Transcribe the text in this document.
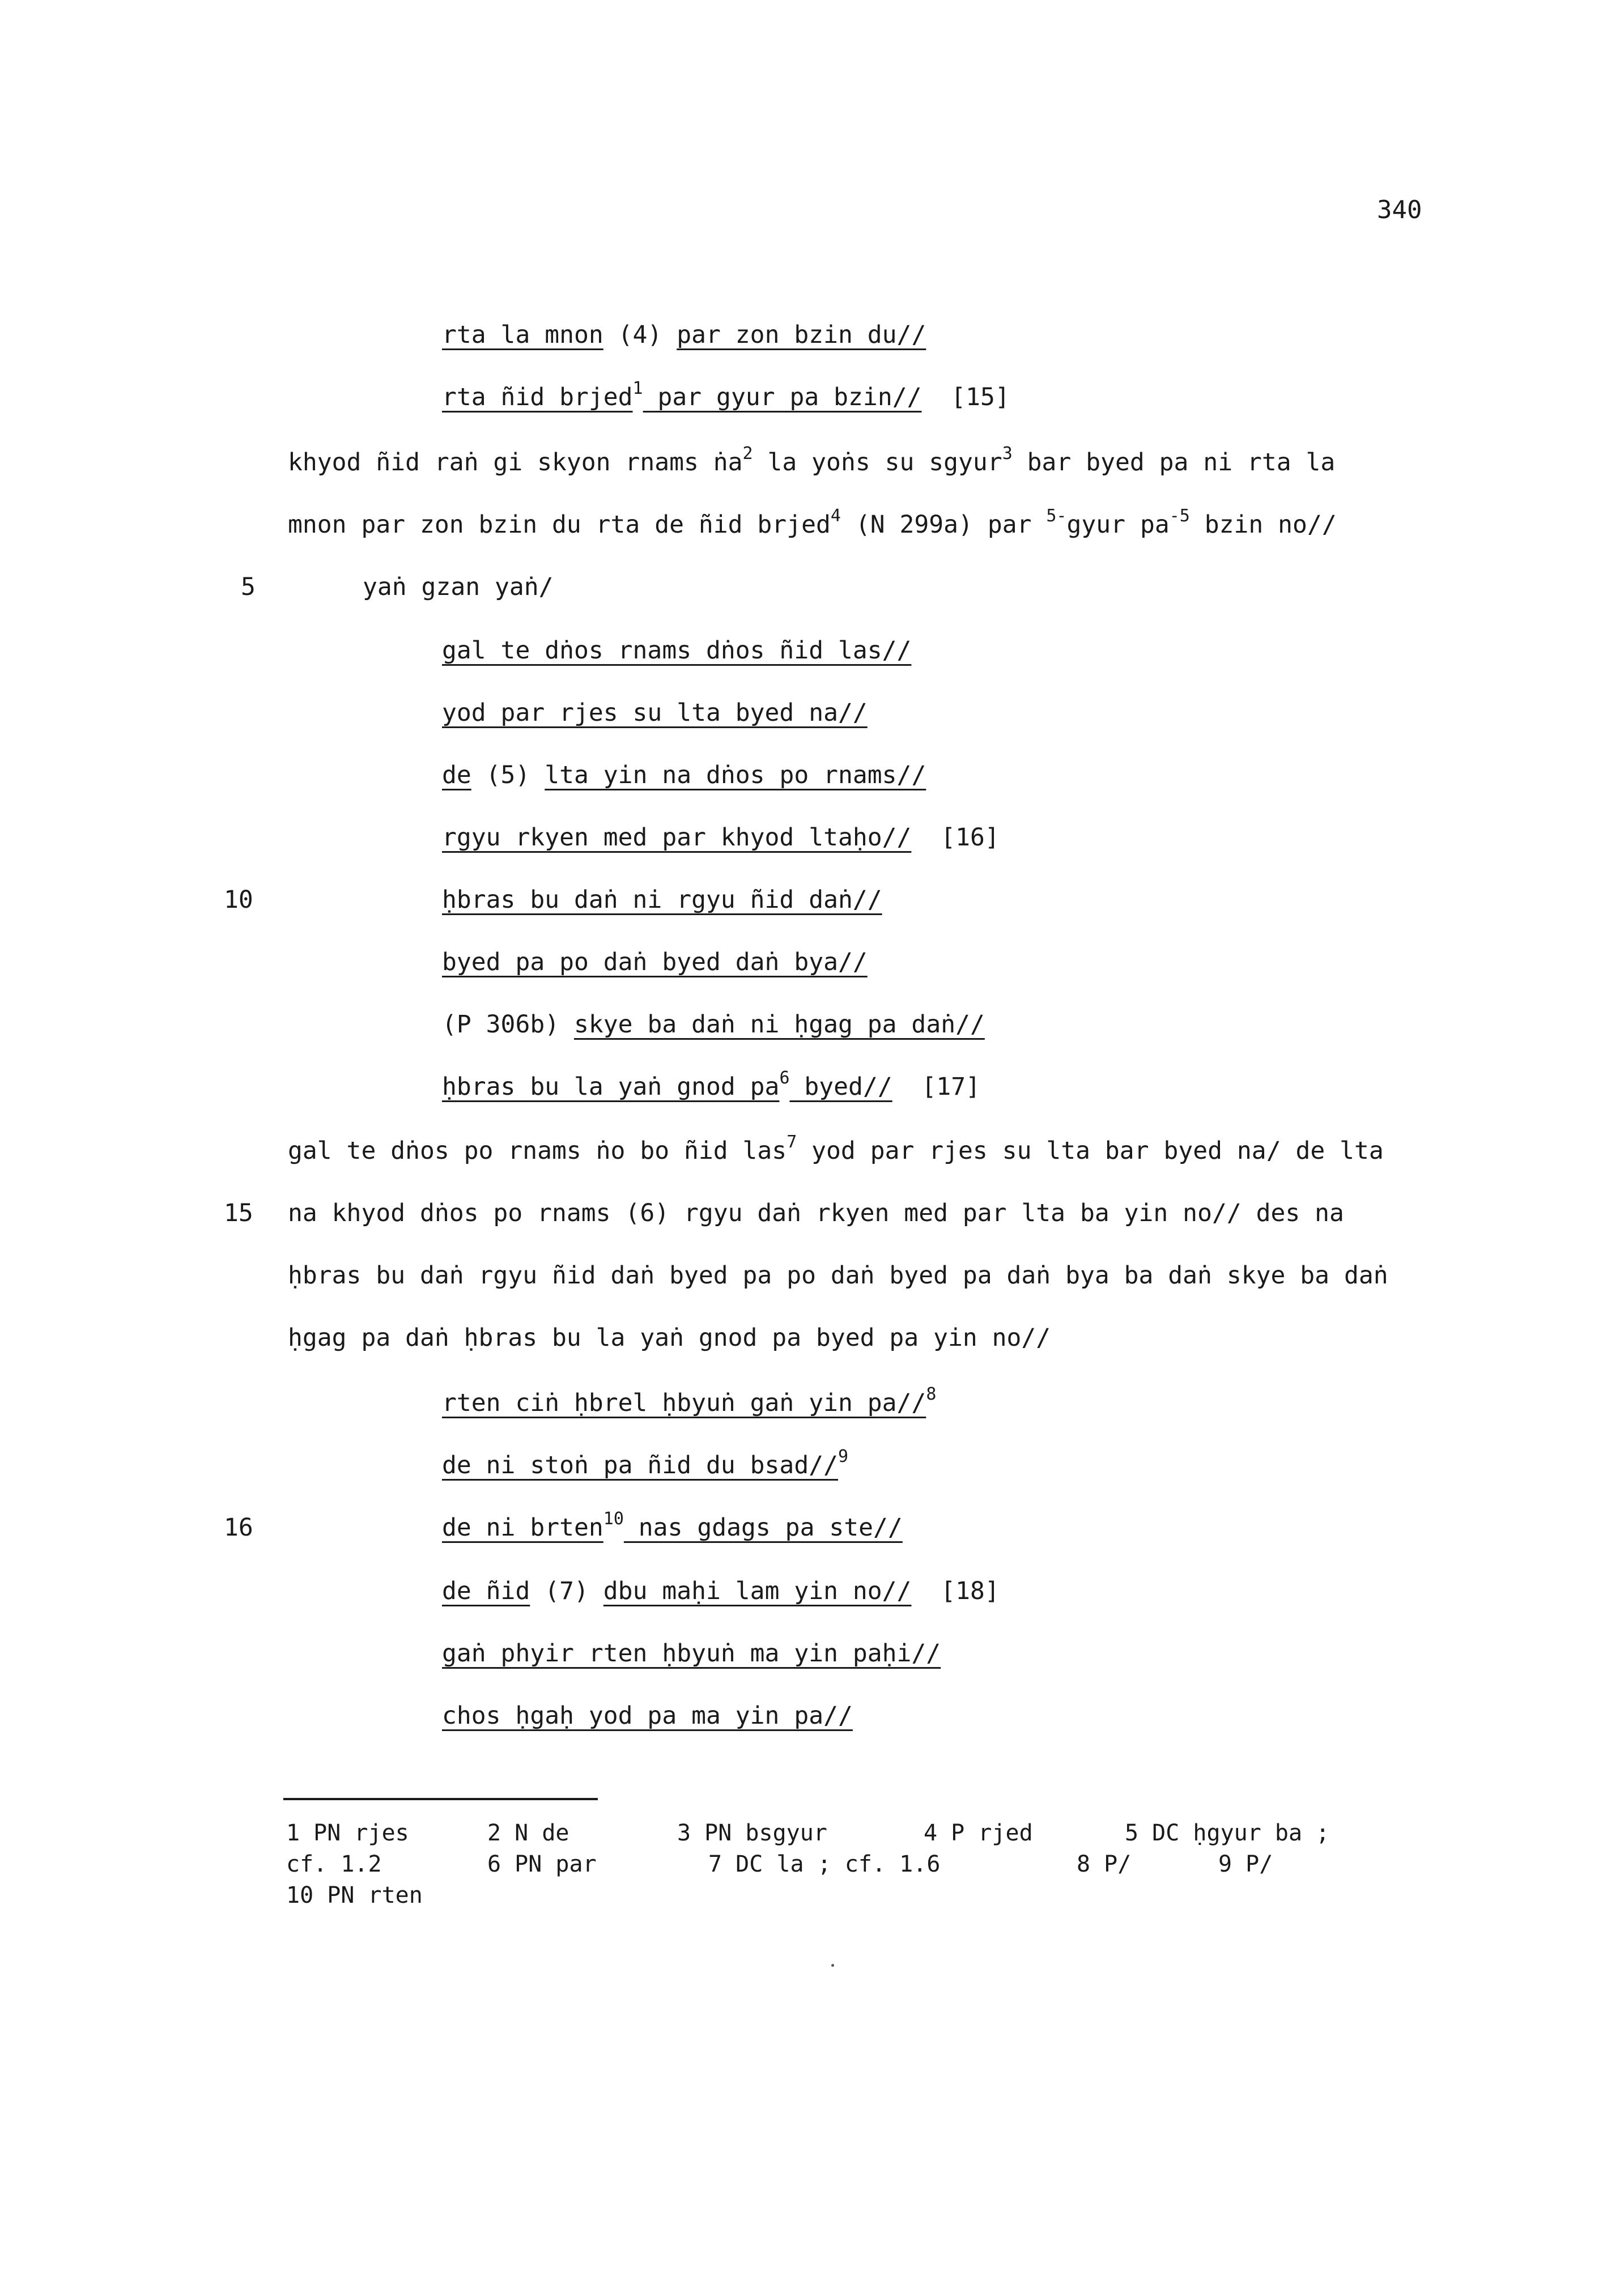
340
rta la mnon (4) par zon bzin du//
rta ñid brjed$^1$ par gyur pa bzin//  [15]
khyod ñid raṅ gi skyon rnams ṅa$^2$ la yoṅs su sgyur$^3$ bar byed pa ni rta la
mnon par zon bzin du rta de ñid brjed$^4$ (N 299a) par $^{5-}$gyur $pa^{-5}$ bzin no//
5	yaṅ gzan yaṅ/
gal te dṅos rnams dṅos ñid las//
yod par rjes su lta byed na//
de (5) lta yin na dṅos po rnams//
rgyu rkyen med par khyod ltaḥo//  [16]
10	ḥbras bu daṅ ni rgyu ñid daṅ//
byed pa po daṅ byed daṅ bya//
(P 306b) skye ba daṅ ni ḥgag pa daṅ//
ḥbras bu la yaṅ gnod $pa^6$ byed//  [17]
gal te dṅos po rnams ṅo bo ñid las$^7$ yod par rjes su lta bar byed na/ de lta
15 na khyod dṅos po rnams (6) rgyu daṅ rkyen med par lta ba yin no// des na
ḥbras bu daṅ rgyu ñid daṅ byed pa po daṅ byed pa daṅ bya ba daṅ skye ba daṅ
ḥgag pa daṅ ḥbras bu la yaṅ gnod pa byed pa yin no//
rten ciṅ ḥbrel ḥbyuṅ gaṅ yin pa//$^8$
de ni stoṅ pa ñid du bsad//$^9$
16	de ni brten$^{10}$ nas gdags pa ste//
de ñid (7) dbu maḥi lam yin no//  [18]
gaṅ phyir rten ḥbyuṅ ma yin paḥi//
chos ḥgaḥ yod pa ma yin pa//
1 PN rjes	2 N de	3 PN bsgyur	4 P rjed	5 DC ḥgyur ba ;
cf. 1.2	6 PN par	7 DC la ; cf. 1.6	8 P/	9 P/
10 PN rten
